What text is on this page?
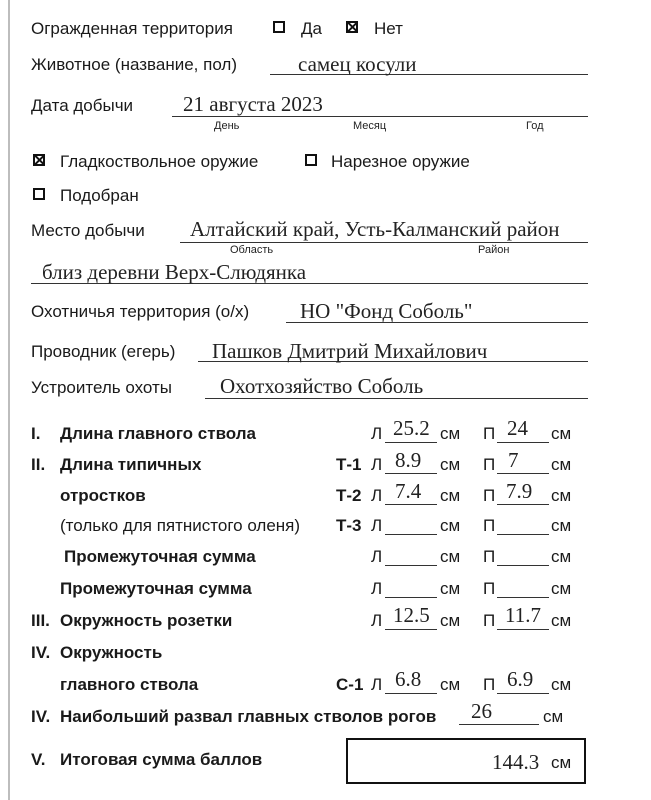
Огражденная территория	Да	Нет
Животное (название, пол)	самец косули
Дата добычи 21 августа 2023
День	Месяц	Год
Гладкоствольное оружие	Нарезное оружие
Подобран
Место добычи Алтайский край, Усть-Калманский район
Область	Район
близ деревни Верх-Слюдянка
Охотничья территория (о/х) НО "Фонд Соболь"
Проводник (егерь) Пашков Дмитрий Михайлович
Устроитель охоты Охотхозяйство Соболь
I. Длина главного ствола	Л 25.2 см П 24 см
II. Длина типичных	Т-1 Л 8.9 см П 7 см
отростков	Т-2 Л 7.4 см П 7.9 см
(только для пятнистого оленя) Т-3 Л	см П	см
Промежуточная сумма	Л	см П	см
Промежуточная сумма	Л	см П	см
III. Окружность розетки	Л 12.5 см П 11.7 см
IV. Окружность
главного ствола	С-1 Л 6.8 см П 6.9 см
IV. Наибольший развал главных стволов рогов 26	см
V. Итоговая сумма баллов	144.3 см
